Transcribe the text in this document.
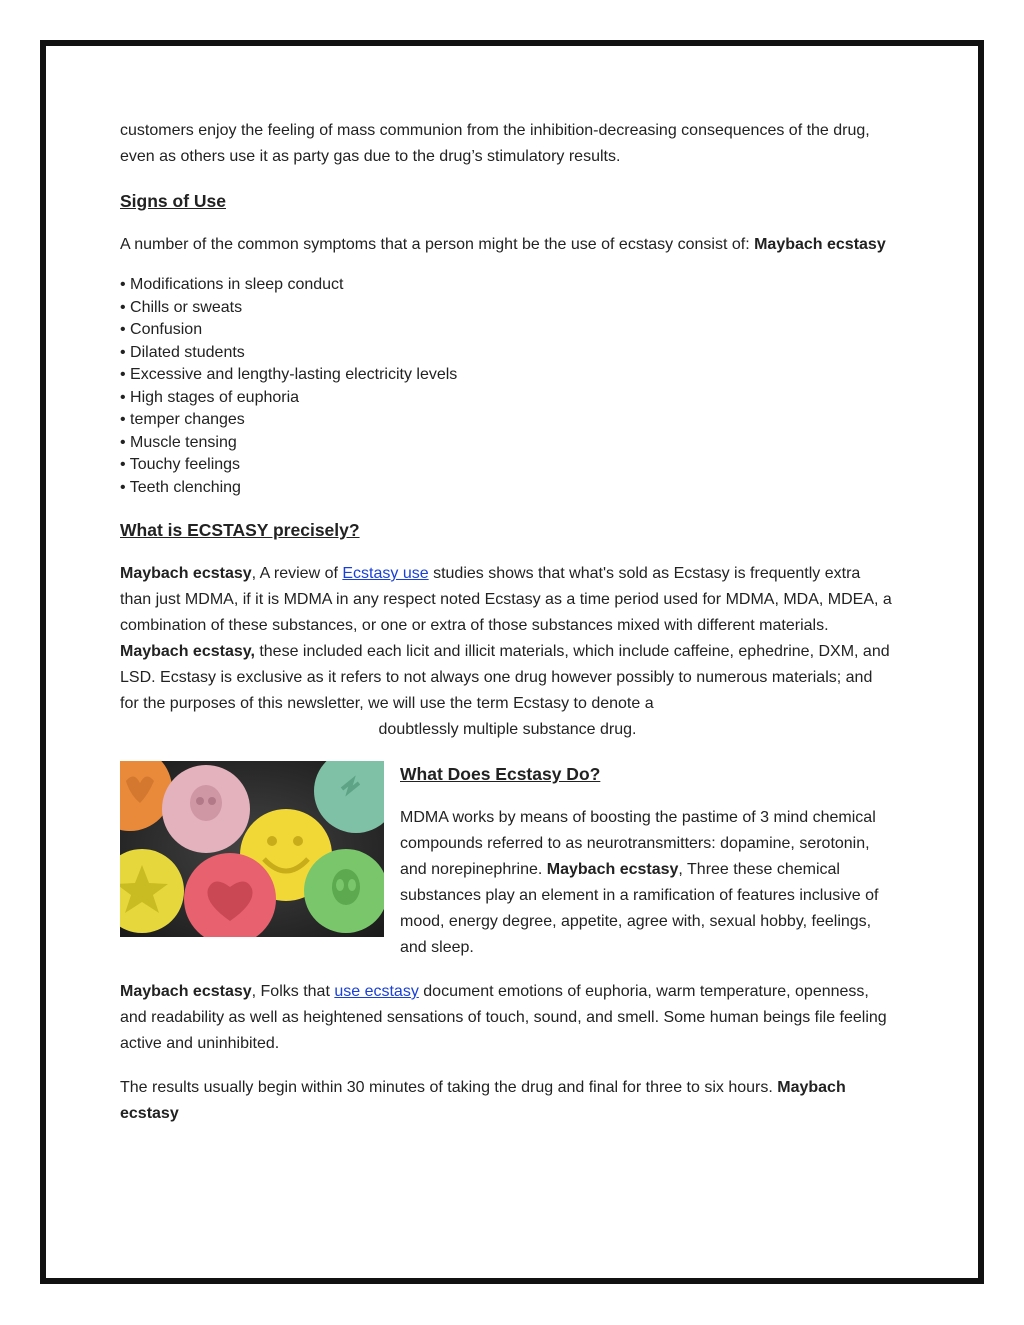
customers enjoy the feeling of mass communion from the inhibition-decreasing consequences of the drug, even as others use it as party gas due to the drug’s stimulatory results.

Signs of Use

A number of the common symptoms that a person might be the use of ecstasy consist of: Maybach ecstasy

• Modifications in sleep conduct
• Chills or sweats
• Confusion
• Dilated students
• Excessive and lengthy-lasting electricity levels
• High stages of euphoria
• temper changes
• Muscle tensing
• Touchy feelings
• Teeth clenching
What is ECSTASY precisely?

Maybach ecstasy, A review of Ecstasy use studies shows that what's sold as Ecstasy is frequently extra than just MDMA, if it is MDMA in any respect noted Ecstasy as a time period used for MDMA, MDA, MDEA, a combination of these substances, or one or extra of those substances mixed with different materials. Maybach ecstasy, these included each licit and illicit materials, which include caffeine, ephedrine, DXM, and LSD. Ecstasy is exclusive as it refers to not always one drug however possibly to numerous materials; and for the purposes of this newsletter, we will use the term Ecstasy to denote a

doubtlessly multiple substance drug.

What Does Ecstasy Do?

MDMA works by means of boosting the pastime of 3 mind chemical compounds referred to as neurotransmitters: dopamine, serotonin, and norepinephrine. Maybach ecstasy, Three these chemical substances play an element in a ramification of features inclusive of mood, energy degree, appetite, agree with, sexual hobby, feelings, and sleep.

Maybach ecstasy, Folks that use ecstasy document emotions of euphoria, warm temperature, openness, and readability as well as heightened sensations of touch, sound, and smell. Some human beings file feeling active and uninhibited.

The results usually begin within 30 minutes of taking the drug and final for three to six hours. Maybach ecstasy
